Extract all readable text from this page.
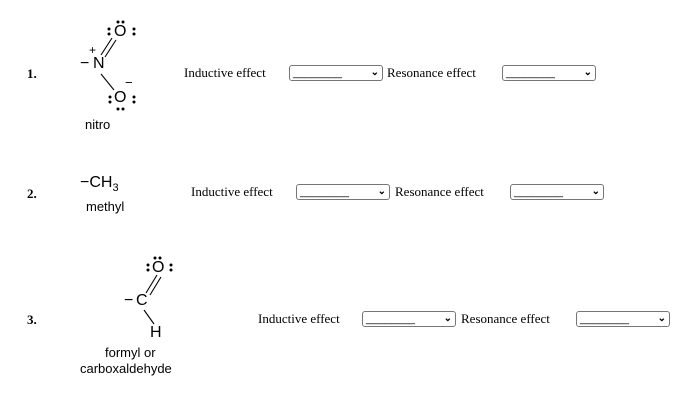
1.
O
+
− N
−
O
nitro
Inductive effect	________	⌄ Resonance effect	________	⌄
2.
$-CH_3$
methyl
Inductive effect	________	⌄ Resonance effect	________	⌄
3.
O
− C
H
formyl or
carboxaldehyde
Inductive effect	________	⌄ Resonance effect	________	⌄
